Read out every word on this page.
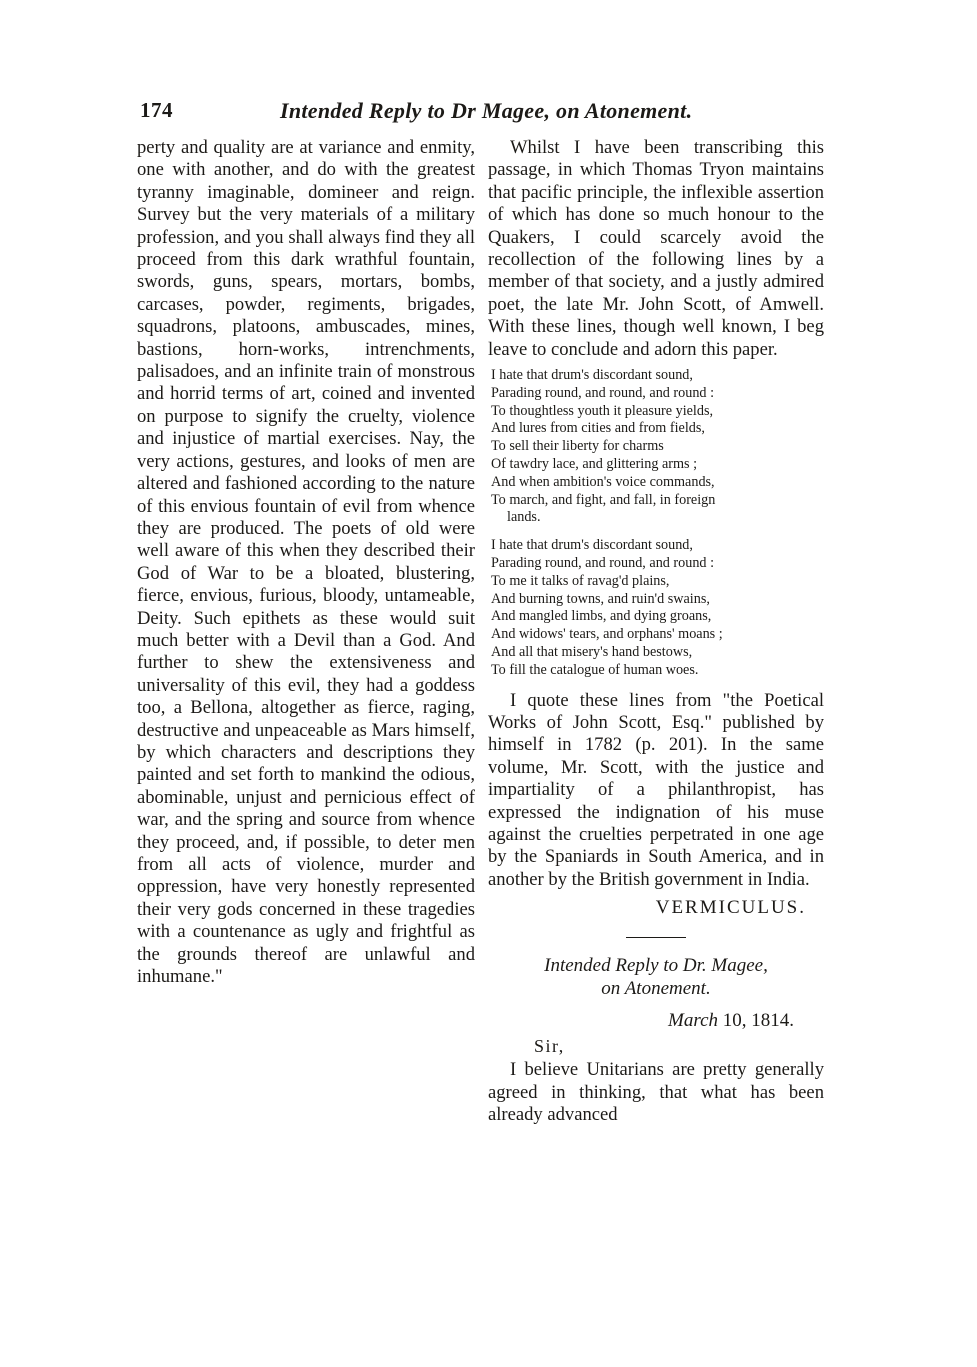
174	Intended Reply to Dr Magee, on Atonement.

perty and quality are at variance and enmity, one with another, and do with the greatest tyranny imaginable, domineer and reign. Survey but the very materials of a military profession, and you shall always find they all proceed from this dark wrathful fountain, swords, guns, spears, mortars, bombs, carcases, powder, regiments, brigades, squadrons, platoons, ambuscades, mines, bastions, horn-works, intrenchments, palisadoes, and an infinite train of monstrous and horrid terms of art, coined and invented on purpose to signify the cruelty, violence and injustice of martial exercises. Nay, the very actions, gestures, and looks of men are altered and fashioned according to the nature of this envious fountain of evil from whence they are produced. The poets of old were well aware of this when they described their God of War to be a bloated, blustering, fierce, envious, furious, bloody, untameable, Deity. Such epithets as these would suit much better with a Devil than a God. And further to shew the extensiveness and universality of this evil, they had a goddess too, a Bellona, altogether as fierce, raging, destructive and unpeaceable as Mars himself, by which characters and descriptions they painted and set forth to mankind the odious, abominable, unjust and pernicious effect of war, and the spring and source from whence they proceed, and, if possible, to deter men from all acts of violence, murder and oppression, have very honestly represented their very gods concerned in these tragedies with a countenance as ugly and frightful as the grounds thereof are unlawful and inhumane."

Whilst I have been transcribing this passage, in which Thomas Tryon maintains that pacific principle, the inflexible assertion of which has done so much honour to the Quakers, I could scarcely avoid the recollection of the following lines by a member of that society, and a justly admired poet, the late Mr. John Scott, of Amwell. With these lines, though well known, I beg leave to conclude and adorn this paper.

I hate that drum's discordant sound,

Parading round, and round, and round :

To thoughtless youth it pleasure yields,

And lures from cities and from fields,

To sell their liberty for charms

Of tawdry lace, and glittering arms ;

And when ambition's voice commands,

To march, and fight, and fall, in foreign

lands.

I hate that drum's discordant sound,

Parading round, and round, and round :

To me it talks of ravag'd plains,

And burning towns, and ruin'd swains,

And mangled limbs, and dying groans,

And widows' tears, and orphans' moans ;

And all that misery's hand bestows,

To fill the catalogue of human woes.

I quote these lines from "the Poetical Works of John Scott, Esq." published by himself in 1782 (p. 201). In the same volume, Mr. Scott, with the justice and impartiality of a philanthropist, has expressed the indignation of his muse against the cruelties perpetrated in one age by the Spaniards in South America, and in another by the British government in India.

VERMICULUS.

Intended Reply to Dr. Magee,
on Atonement.

March 10, 1814.

Sir,

I believe Unitarians are pretty generally agreed in thinking, that what has been already advanced
